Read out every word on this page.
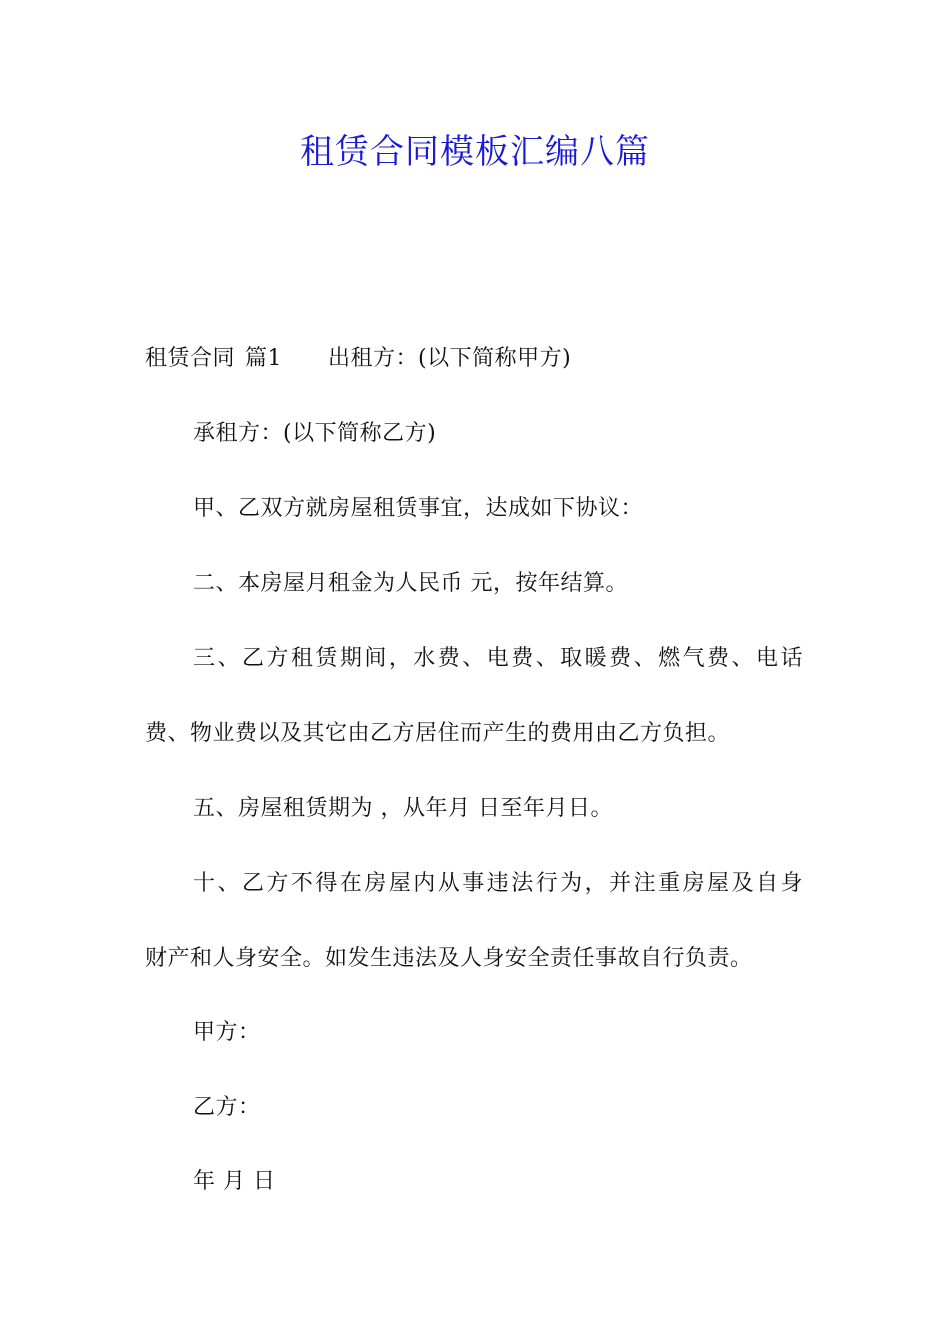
租赁合同模板汇编八篇
租赁合同 篇1 出租方：(以下简称甲方)
承租方：(以下简称乙方)
甲、乙双方就房屋租赁事宜，达成如下协议：
二、本房屋月租金为人民币 元，按年结算。
三、乙方租赁期间，水费、电费、取暖费、燃气费、电话
费、物业费以及其它由乙方居住而产生的费用由乙方负担。
五、房屋租赁期为 ，从年月 日至年月日。
十、乙方不得在房屋内从事违法行为，并注重房屋及自身
财产和人身安全。如发生违法及人身安全责任事故自行负责。
甲方：
乙方：
年 月 日
